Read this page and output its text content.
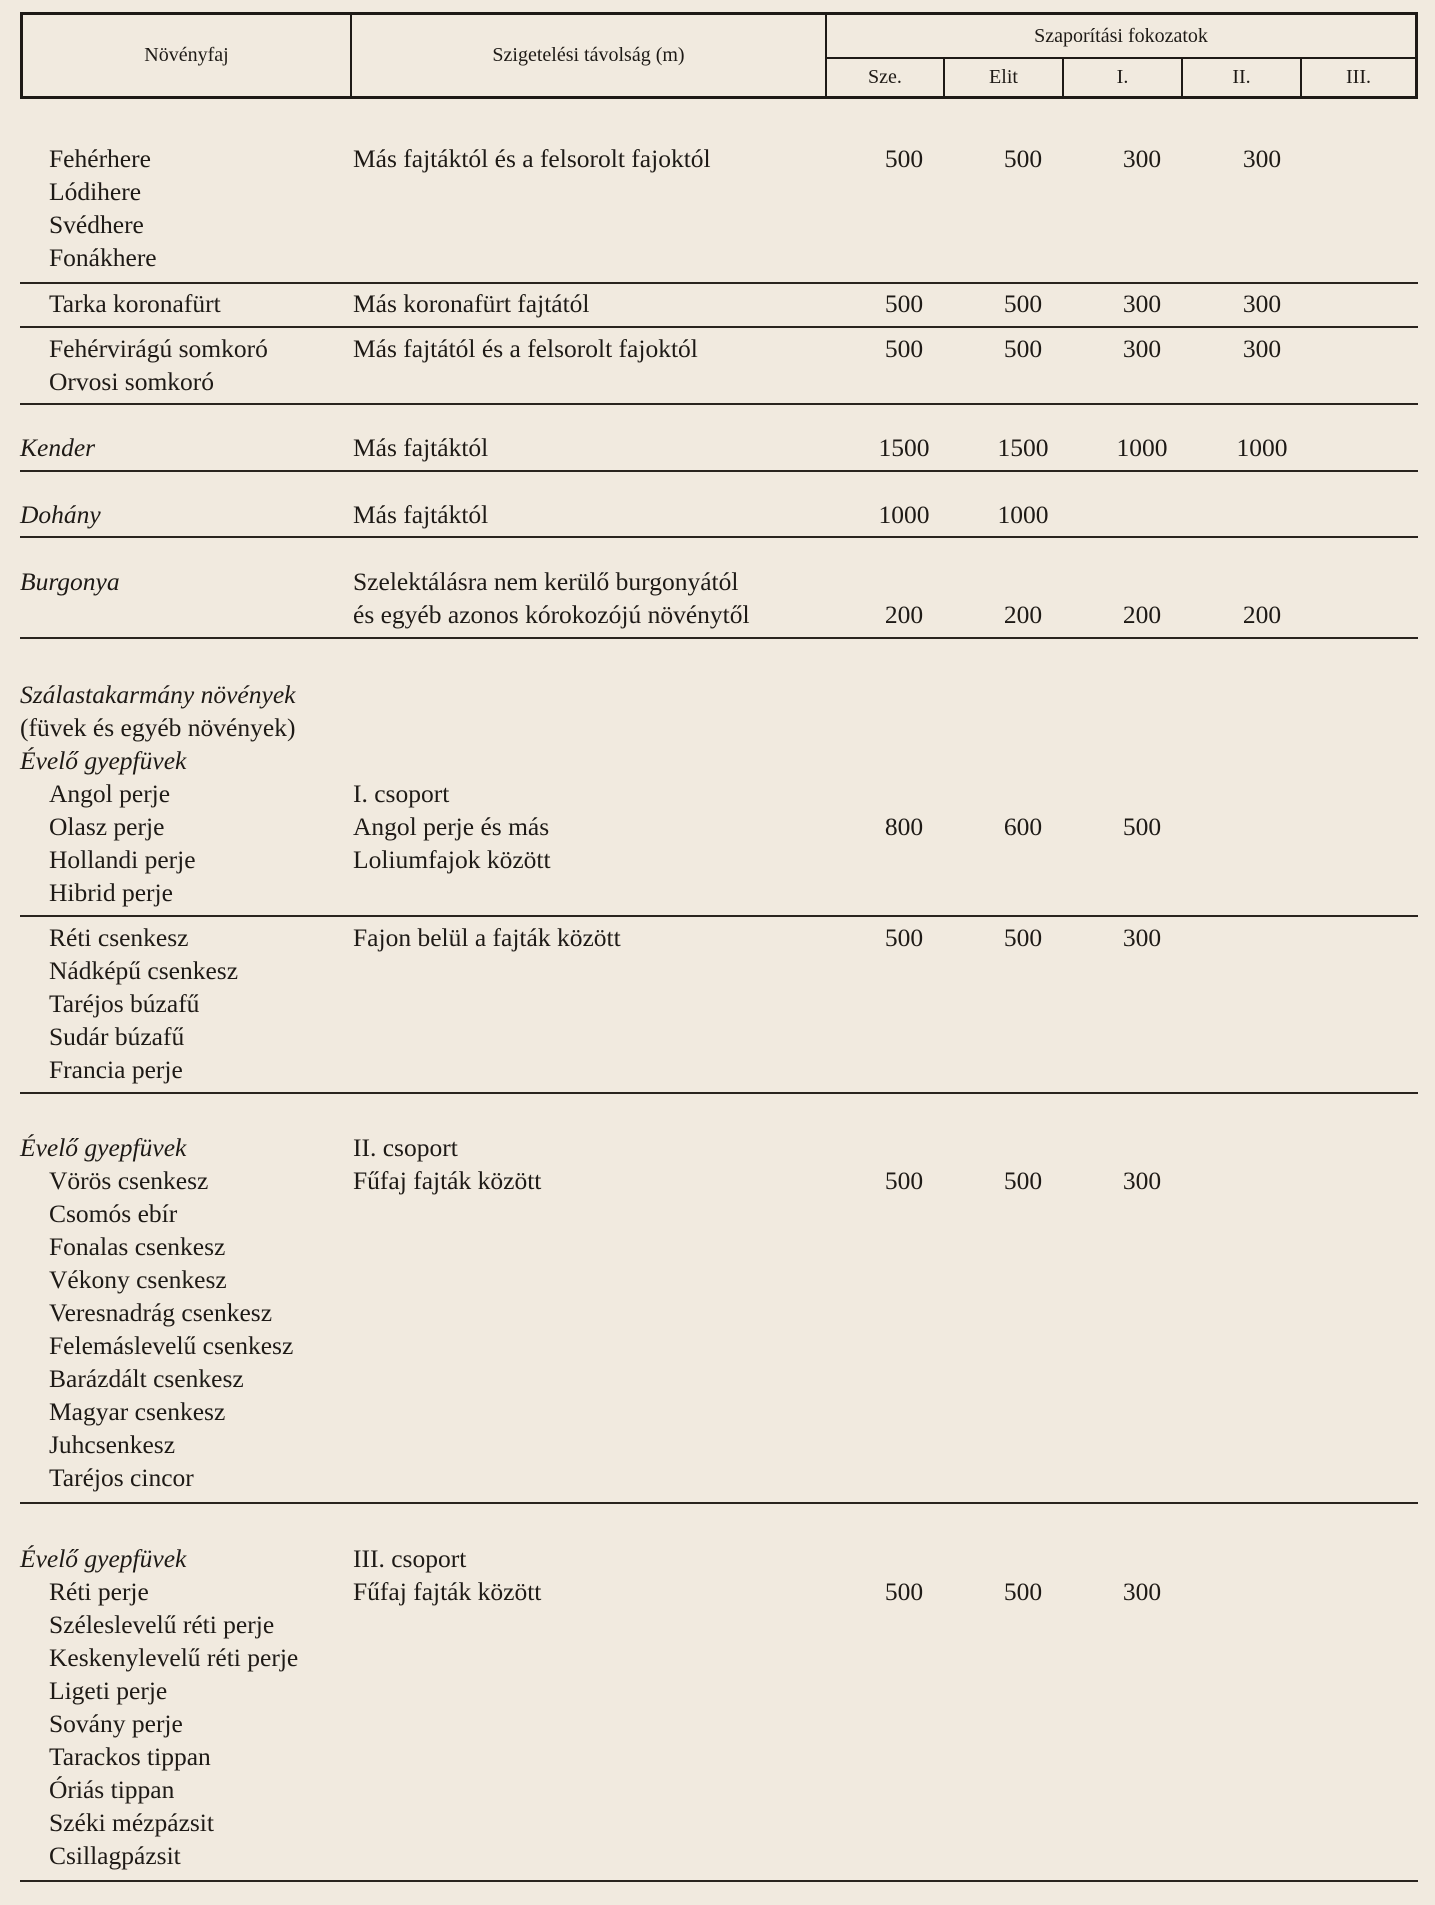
Növényfaj	Szigetelési távolság (m)
Szaporítási fokozatok
Sze.	Elit	I.	II.	III.
Fehérhere	Más fajtáktól és a felsorolt fajoktól	500	500	300	300
Lódihere
Svédhere
Fonákhere
Tarka koronafürt	Más koronafürt fajtától	500	500	300	300
Fehérvirágú somkoró	Más fajtától és a felsorolt fajoktól	500	500	300	300
Orvosi somkoró
Kender	Más fajtáktól	1500	1500	1000	1000
Dohány	Más fajtáktól	1000	1000
Burgonya	Szelektálásra nem kerülő burgonyától
és egyéb azonos kórokozójú növénytől	200	200	200	200
Szálastakarmány növények
(füvek és egyéb növények)
Évelő gyepfüvek
Angol perje	I. csoport
Olasz perje	Angol perje és más	800	600	500
Hollandi perje	Loliumfajok között
Hibrid perje
Réti csenkesz	Fajon belül a fajták között	500	500	300
Nádképű csenkesz
Taréjos búzafű
Sudár búzafű
Francia perje
Évelő gyepfüvek	II. csoport
Vörös csenkesz	Fűfaj fajták között	500	500	300
Csomós ebír
Fonalas csenkesz
Vékony csenkesz
Veresnadrág csenkesz
Felemáslevelű csenkesz
Barázdált csenkesz
Magyar csenkesz
Juhcsenkesz
Taréjos cincor
Évelő gyepfüvek	III. csoport
Réti perje	Fűfaj fajták között	500	500	300
Széleslevelű réti perje
Keskenylevelű réti perje
Ligeti perje
Sovány perje
Tarackos tippan
Óriás tippan
Széki mézpázsit
Csillagpázsit
